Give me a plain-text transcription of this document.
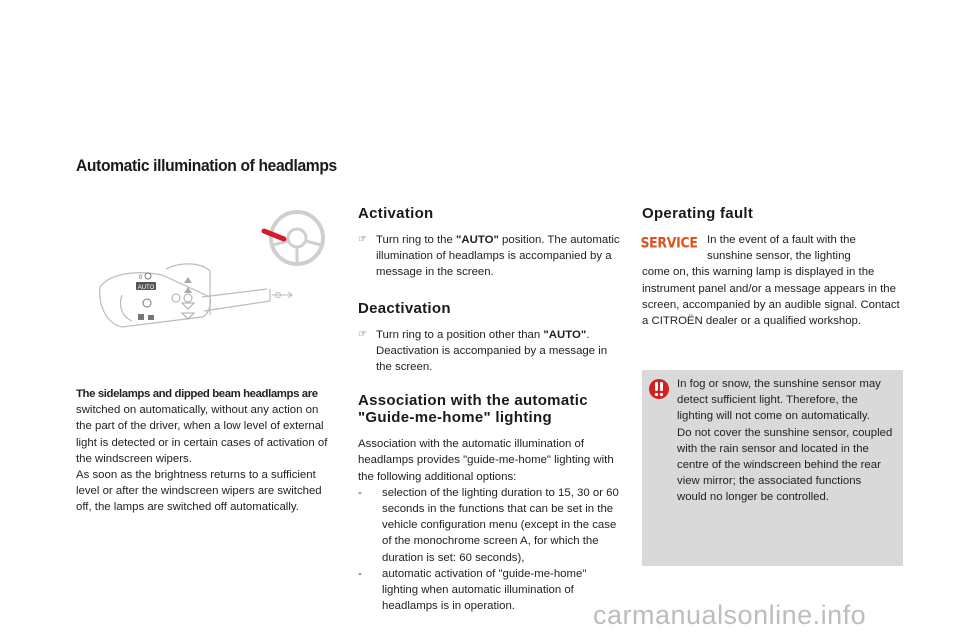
Automatic illumination of headlamps
AUTO
0
The sidelamps and dipped beam headlamps are switched on automatically, without any action on the part of the driver, when a low level of external light is detected or in certain cases of activation of the windscreen wipers.
As soon as the brightness returns to a sufficient level or after the windscreen wipers are switched off, the lamps are switched off automatically.
Activation
☞ Turn ring to the "AUTO" position. The automatic illumination of headlamps is accompanied by a message in the screen.
Deactivation
☞ Turn ring to a position other than "AUTO". Deactivation is accompanied by a message in the screen.
Association with the automatic
"Guide-me-home" lighting
Association with the automatic illumination of headlamps provides "guide-me-home" lighting with the following additional options:
-	selection of the lighting duration to 15, 30 or 60 seconds in the functions that can be set in the vehicle configuration menu (except in the case of the monochrome screen A, for which the duration is set: 60 seconds),
-	automatic activation of "guide-me-home" lighting when automatic illumination of headlamps is in operation.
Operating fault
In the event of a fault with the sunshine sensor, the lighting
come on, this warning lamp is displayed in the instrument panel and/or a message appears in the screen, accompanied by an audible signal. Contact a CITROËN dealer or a qualified workshop.
SERVICE
In fog or snow, the sunshine sensor may detect sufficient light. Therefore, the lighting will not come on automatically.
Do not cover the sunshine sensor, coupled with the rain sensor and located in the centre of the windscreen behind the rear view mirror; the associated functions would no longer be controlled.
carmanualsonline.info
